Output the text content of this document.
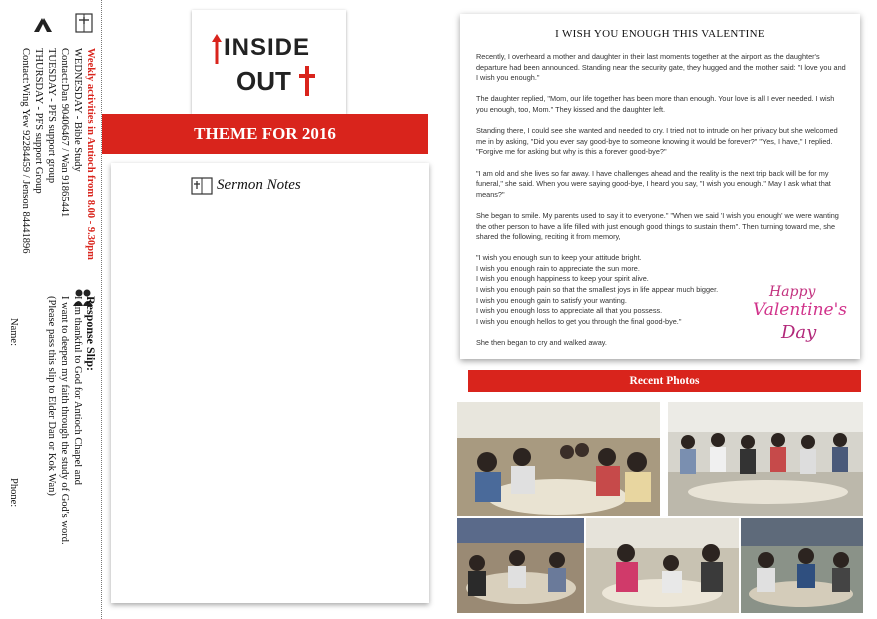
Weekly activities in Antioch from 8.00 - 9.30pm
WEDNESDAY - Bible Study
Contact:Dan 90406467 / Wan 91865441
TUESDAY - PFS support group
THURSDAY - PFS support Group
Contact:Wing Yew 92284459 / Jenson 84441896
Response Slip:
I am thankful to God for Antioch Chapel and
I want to deepen my faith through the study of God's word.
(Please pass this slip to Elder Dan or Kok Wan)
Name:
Phone:
INSIDE
OUT
THEME FOR 2016
Sermon Notes
I WISH YOU ENOUGH THIS VALENTINE

Recently, I overheard a mother and daughter in their last moments together at the airport as the daughter's departure had been announced. Standing near the security gate, they hugged and the mother said: "I love you and I wish you enough."

The daughter replied, "Mom, our life together has been more than enough. Your love is all I ever needed. I wish you enough, too, Mom." They kissed and the daughter left.

Standing there, I could see she wanted and needed to cry. I tried not to intrude on her privacy but she welcomed me in by asking, "Did you ever say good-bye to someone knowing it would be forever?" "Yes, I have," I replied. "Forgive me for asking but why is this a forever good-bye?"

"I am old and she lives so far away. I have challenges ahead and the reality is the next trip back will be for my funeral," she said. When you were saying good-bye, I heard you say, "I wish you enough." May I ask what that means?"

She began to smile. My parents used to say it to everyone." "When we said 'I wish you enough' we were wanting the other person to have a life filled with just enough good things to sustain them". Then turning toward me, she shared the following, reciting it from memory,

"I wish you enough sun to keep your attitude bright.
I wish you enough rain to appreciate the sun more.
I wish you enough happiness to keep your spirit alive.
I wish you enough pain so that the smallest joys in life appear much bigger.
I wish you enough gain to satisfy your wanting.
I wish you enough loss to appreciate all that you possess.
I wish you enough hellos to get you through the final good-bye."

She then began to cry and walked away.

Happy
Valentine's
Day
Recent Photos
